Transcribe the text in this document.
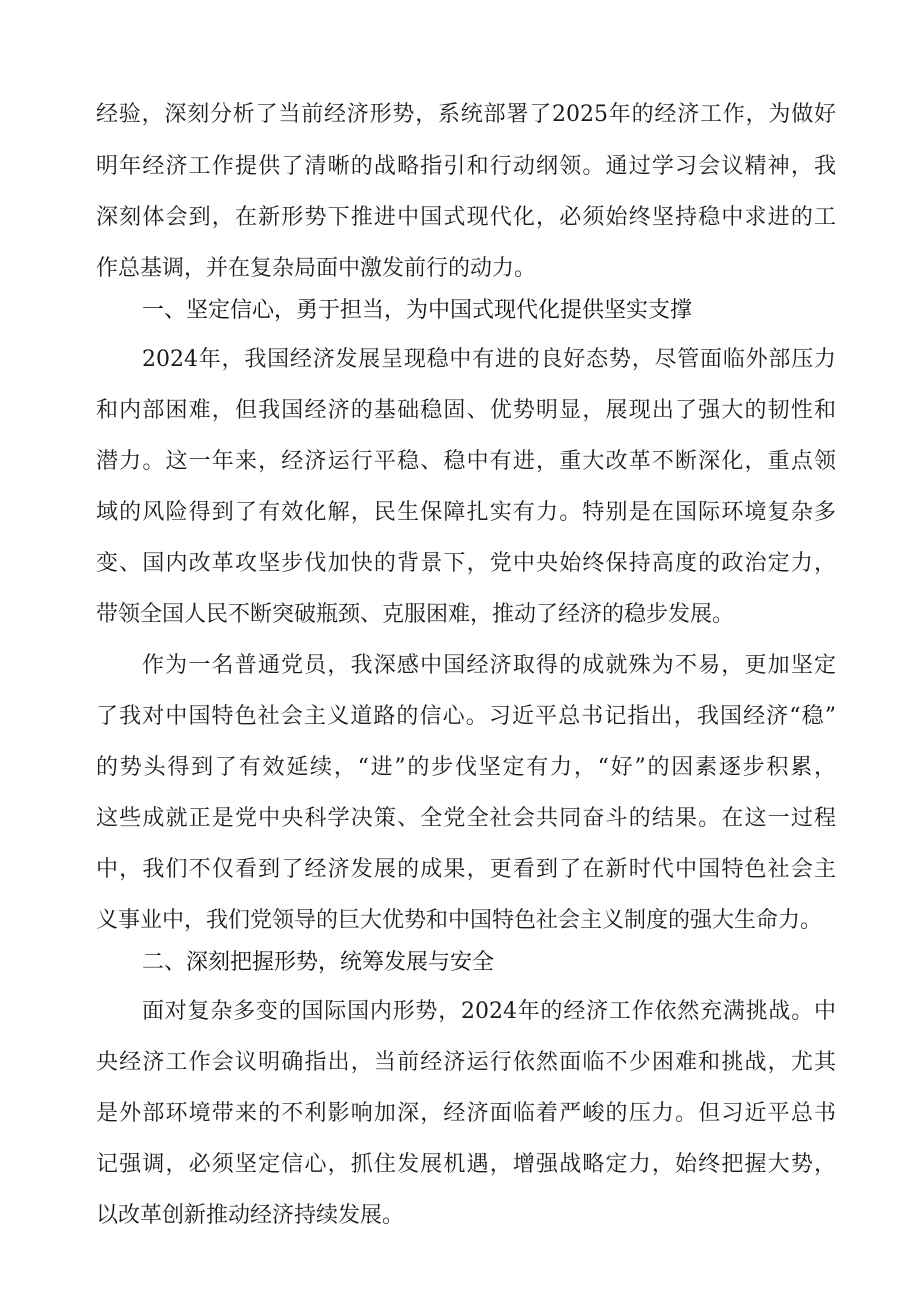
经验，深刻分析了当前经济形势，系统部署了2025年的经济工作，为做好
明年经济工作提供了清晰的战略指引和行动纲领。通过学习会议精神，我
深刻体会到，在新形势下推进中国式现代化，必须始终坚持稳中求进的工
作总基调，并在复杂局面中激发前行的动力。
一、坚定信心，勇于担当，为中国式现代化提供坚实支撑
2024年，我国经济发展呈现稳中有进的良好态势，尽管面临外部压力
和内部困难，但我国经济的基础稳固、优势明显，展现出了强大的韧性和
潜力。这一年来，经济运行平稳、稳中有进，重大改革不断深化，重点领
域的风险得到了有效化解，民生保障扎实有力。特别是在国际环境复杂多
变、国内改革攻坚步伐加快的背景下，党中央始终保持高度的政治定力，
带领全国人民不断突破瓶颈、克服困难，推动了经济的稳步发展。
作为一名普通党员，我深感中国经济取得的成就殊为不易，更加坚定
了我对中国特色社会主义道路的信心。习近平总书记指出，我国经济“稳”
的势头得到了有效延续，“进”的步伐坚定有力，“好”的因素逐步积累，
这些成就正是党中央科学决策、全党全社会共同奋斗的结果。在这一过程
中，我们不仅看到了经济发展的成果，更看到了在新时代中国特色社会主
义事业中，我们党领导的巨大优势和中国特色社会主义制度的强大生命力。
二、深刻把握形势，统筹发展与安全
面对复杂多变的国际国内形势，2024年的经济工作依然充满挑战。中
央经济工作会议明确指出，当前经济运行依然面临不少困难和挑战，尤其
是外部环境带来的不利影响加深，经济面临着严峻的压力。但习近平总书
记强调，必须坚定信心，抓住发展机遇，增强战略定力，始终把握大势，
以改革创新推动经济持续发展。
